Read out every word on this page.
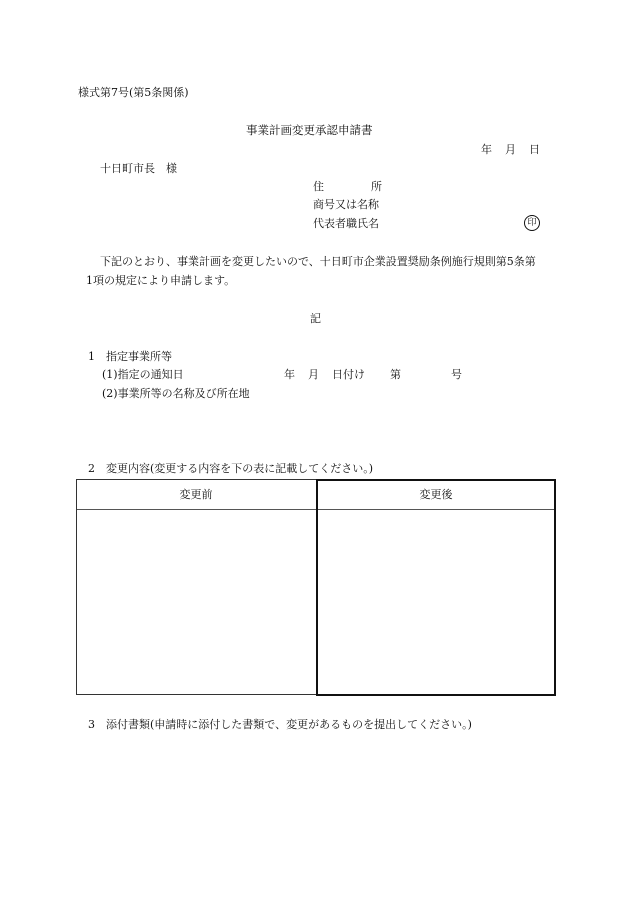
様式第7号(第5条関係)
事業計画変更承認申請書
年 月 日
十日町市長　様
住	所
商号又は名称
代表者職氏名	印
下記のとおり、事業計画を変更したいので、十日町市企業設置奨励条例施行規則第5条第
1項の規定により申請します。
記
1　指定事業所等
(1)指定の通知日	年 月 日付け 第	号
(2)事業所等の名称及び所在地
2　変更内容(変更する内容を下の表に記載してください。)
変更前	変更後
3　添付書類(申請時に添付した書類で、変更があるものを提出してください。)
